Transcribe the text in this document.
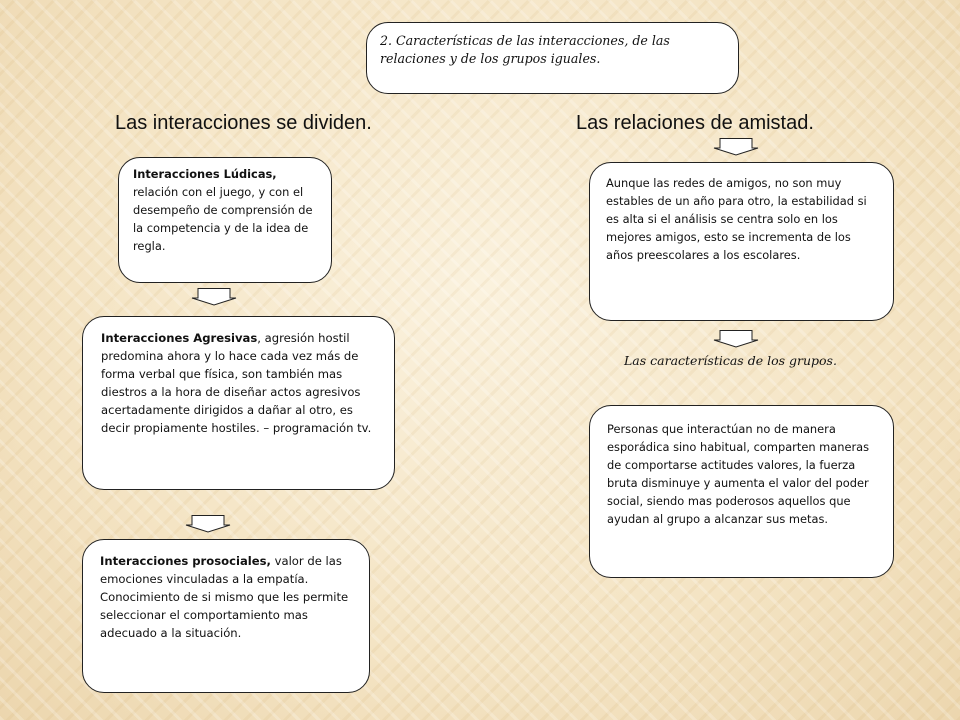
2. Características de las interacciones, de las relaciones y de los grupos iguales.
Las interacciones se dividen.	Las relaciones de amistad.
Interacciones Lúdicas,
relación con el juego, y con el desempeño de comprensión de la competencia y de la idea de regla.
Interacciones Agresivas, agresión hostil predomina ahora y lo hace cada vez más de forma verbal que física, son también mas diestros a la hora de diseñar actos agresivos acertadamente dirigidos a dañar al otro, es decir propiamente hostiles. – programación tv.
Interacciones prosociales, valor de las emociones vinculadas a la empatía. Conocimiento de si mismo que les permite seleccionar el comportamiento mas adecuado a la situación.
Aunque las redes de amigos, no son muy estables de un año para otro, la estabilidad si es alta si el análisis se centra solo en los mejores amigos, esto se incrementa de los años preescolares a los escolares.
Las características de los grupos.
Personas que interactúan no de manera esporádica sino habitual, comparten maneras de comportarse actitudes valores, la fuerza bruta disminuye y aumenta el valor del poder social, siendo mas poderosos aquellos que ayudan al grupo a alcanzar sus metas.
